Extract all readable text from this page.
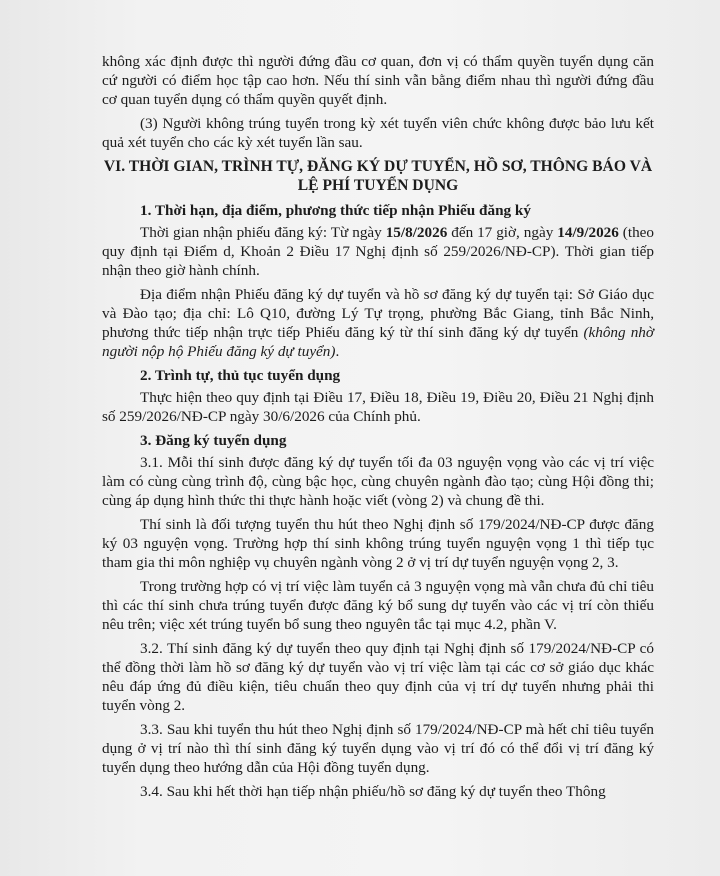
không xác định được thì người đứng đầu cơ quan, đơn vị có thẩm quyền tuyển dụng căn cứ người có điểm học tập cao hơn. Nếu thí sinh vẫn bằng điểm nhau thì người đứng đầu cơ quan tuyển dụng có thẩm quyền quyết định.

(3) Người không trúng tuyển trong kỳ xét tuyển viên chức không được bảo lưu kết quả xét tuyển cho các kỳ xét tuyển lần sau.

VI. THỜI GIAN, TRÌNH TỰ, ĐĂNG KÝ DỰ TUYỂN, HỒ SƠ, THÔNG BÁO VÀ LỆ PHÍ TUYỂN DỤNG

1. Thời hạn, địa điểm, phương thức tiếp nhận Phiếu đăng ký

Thời gian nhận phiếu đăng ký: Từ ngày 15/8/2026 đến 17 giờ, ngày 14/9/2026 (theo quy định tại Điểm d, Khoản 2 Điều 17 Nghị định số 259/2026/NĐ-CP). Thời gian tiếp nhận theo giờ hành chính.

Địa điểm nhận Phiếu đăng ký dự tuyển và hồ sơ đăng ký dự tuyển tại: Sở Giáo dục và Đào tạo; địa chỉ: Lô Q10, đường Lý Tự trọng, phường Bắc Giang, tỉnh Bắc Ninh, phương thức tiếp nhận trực tiếp Phiếu đăng ký từ thí sinh đăng ký dự tuyển (không nhờ người nộp hộ Phiếu đăng ký dự tuyển).

2. Trình tự, thủ tục tuyển dụng

Thực hiện theo quy định tại Điều 17, Điều 18, Điều 19, Điều 20, Điều 21 Nghị định số 259/2026/NĐ-CP ngày 30/6/2026 của Chính phủ.

3. Đăng ký tuyển dụng

3.1. Mỗi thí sinh được đăng ký dự tuyển tối đa 03 nguyện vọng vào các vị trí việc làm có cùng cùng trình độ, cùng bậc học, cùng chuyên ngành đào tạo; cùng Hội đồng thi; cùng áp dụng hình thức thi thực hành hoặc viết (vòng 2) và chung đề thi.

Thí sinh là đối tượng tuyển thu hút theo Nghị định số 179/2024/NĐ-CP được đăng ký 03 nguyện vọng. Trường hợp thí sinh không trúng tuyển nguyện vọng 1 thì tiếp tục tham gia thi môn nghiệp vụ chuyên ngành vòng 2 ở vị trí dự tuyển nguyện vọng 2, 3.

Trong trường hợp có vị trí việc làm tuyển cả 3 nguyện vọng mà vẫn chưa đủ chỉ tiêu thì các thí sinh chưa trúng tuyển được đăng ký bổ sung dự tuyển vào các vị trí còn thiếu nêu trên; việc xét trúng tuyển bổ sung theo nguyên tắc tại mục 4.2, phần V.

3.2. Thí sinh đăng ký dự tuyển theo quy định tại Nghị định số 179/2024/NĐ-CP có thể đồng thời làm hồ sơ đăng ký dự tuyển vào vị trí việc làm tại các cơ sở giáo dục khác nêu đáp ứng đủ điều kiện, tiêu chuẩn theo quy định của vị trí dự tuyển nhưng phải thi tuyển vòng 2.

3.3. Sau khi tuyển thu hút theo Nghị định số 179/2024/NĐ-CP mà hết chỉ tiêu tuyển dụng ở vị trí nào thì thí sinh đăng ký tuyển dụng vào vị trí đó có thể đổi vị trí đăng ký tuyển dụng theo hướng dẫn của Hội đồng tuyển dụng.

3.4. Sau khi hết thời hạn tiếp nhận phiếu/hồ sơ đăng ký dự tuyển theo Thông
